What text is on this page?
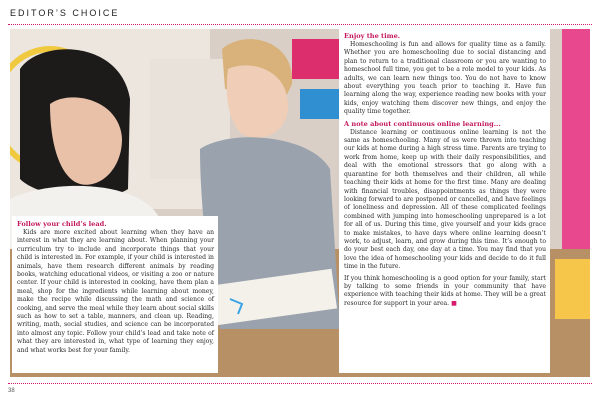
EDITOR’S CHOICE
Follow your child’s lead.

Kids are more excited about learning when they have an interest in what they are learning about. When planning your curriculum try to include and incorporate things that your child is interested in. For example, if your child is interested in animals, have them research different animals by reading books, watching educational videos, or visiting a zoo or nature center. If your child is interested in cooking, have them plan a meal, shop for the ingredients while learning about money, make the recipe while discussing the math and science of cooking, and serve the meal while they learn about social skills such as how to set a table, manners, and clean up. Reading, writing, math, social studies, and science can be incorporated into almost any topic. Follow your child’s lead and take note of what they are interested in, what type of learning they enjoy, and what works best for your family.

Enjoy the time.

Homeschooling is fun and allows for quality time as a family. Whether you are homeschooling due to social distancing and plan to return to a traditional classroom or you are wanting to homeschool full time, you get to be a role model to your kids. As adults, we can learn new things too. You do not have to know about everything you teach prior to teaching it. Have fun learning along the way, experience reading new books with your kids, enjoy watching them discover new things, and enjoy the quality time together.

A note about continuous online learning...

Distance learning or continuous online learning is not the same as homeschooling. Many of us were thrown into teaching our kids at home during a high stress time. Parents are trying to work from home, keep up with their daily responsibilities, and deal with the emotional stressors that go along with a quarantine for both themselves and their children, all while teaching their kids at home for the first time. Many are dealing with financial troubles, disappointments as things they were looking forward to are postponed or cancelled, and have feelings of loneliness and depression. All of these complicated feelings combined with jumping into homeschooling unprepared is a lot for all of us. During this time, give yourself and your kids grace to make mistakes, to have days where online learning doesn’t work, to adjust, learn, and grow during this time. It’s enough to do your best each day, one day at a time. You may find that you love the idea of homeschooling your kids and decide to do it full time in the future.

If you think homeschooling is a good option for your family, start by talking to some friends in your community that have experience with teaching their kids at home. They will be a great resource for support in your area. ■

38
